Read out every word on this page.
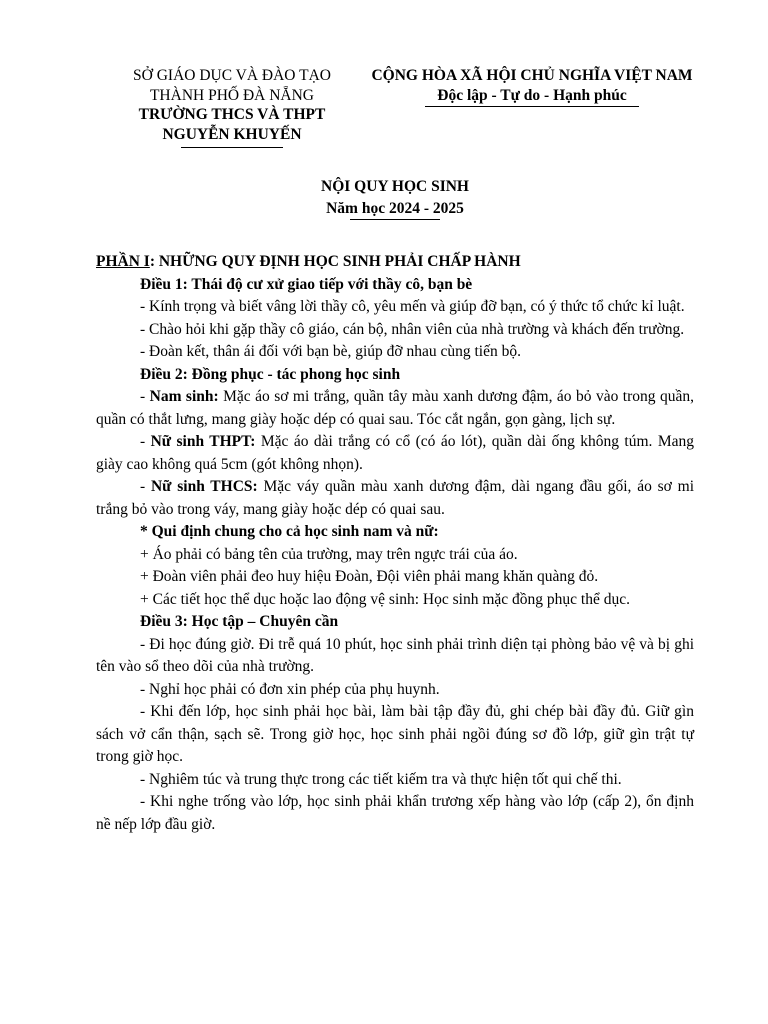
SỞ GIÁO DỤC VÀ ĐÀO TẠO
THÀNH PHỐ ĐÀ NẴNG
TRƯỜNG THCS VÀ THPT
NGUYỄN KHUYẾN
CỘNG HÒA XÃ HỘI CHỦ NGHĨA VIỆT NAM
Độc lập - Tự do - Hạnh phúc
NỘI QUY HỌC SINH
Năm học 2024 - 2025

PHẦN I: NHỮNG QUY ĐỊNH HỌC SINH PHẢI CHẤP HÀNH

Điều 1: Thái độ cư xử giao tiếp với thầy cô, bạn bè

- Kính trọng và biết vâng lời thầy cô, yêu mến và giúp đỡ bạn, có ý thức tổ chức kỉ luật.

- Chào hỏi khi gặp thầy cô giáo, cán bộ, nhân viên của nhà trường và khách đến trường.

- Đoàn kết, thân ái đối với bạn bè, giúp đỡ nhau cùng tiến bộ.

Điều 2: Đồng phục - tác phong học sinh

- Nam sinh: Mặc áo sơ mi trắng, quần tây màu xanh dương đậm, áo bỏ vào trong quần, quần có thắt lưng, mang giày hoặc dép có quai sau. Tóc cắt ngắn, gọn gàng, lịch sự.

- Nữ sinh THPT: Mặc áo dài trắng có cổ (có áo lót), quần dài ống không túm. Mang giày cao không quá 5cm (gót không nhọn).

- Nữ sinh THCS: Mặc váy quần màu xanh dương đậm, dài ngang đầu gối, áo sơ mi trắng bỏ vào trong váy, mang giày hoặc dép có quai sau.

* Qui định chung cho cả học sinh nam và nữ:

+ Áo phải có bảng tên của trường, may trên ngực trái của áo.

+ Đoàn viên phải đeo huy hiệu Đoàn, Đội viên phải mang khăn quàng đỏ.

+ Các tiết học thể dục hoặc lao động vệ sinh: Học sinh mặc đồng phục thể dục.

Điều 3: Học tập – Chuyên cần

- Đi học đúng giờ. Đi trễ quá 10 phút, học sinh phải trình diện tại phòng bảo vệ và bị ghi tên vào sổ theo dõi của nhà trường.

- Nghỉ học phải có đơn xin phép của phụ huynh.

- Khi đến lớp, học sinh phải học bài, làm bài tập đầy đủ, ghi chép bài đầy đủ. Giữ gìn sách vở cẩn thận, sạch sẽ. Trong giờ học, học sinh phải ngồi đúng sơ đồ lớp, giữ gìn trật tự trong giờ học.

- Nghiêm túc và trung thực trong các tiết kiếm tra và thực hiện tốt qui chế thi.

- Khi nghe trống vào lớp, học sinh phải khẩn trương xếp hàng vào lớp (cấp 2), ổn định nề nếp lớp đầu giờ.
